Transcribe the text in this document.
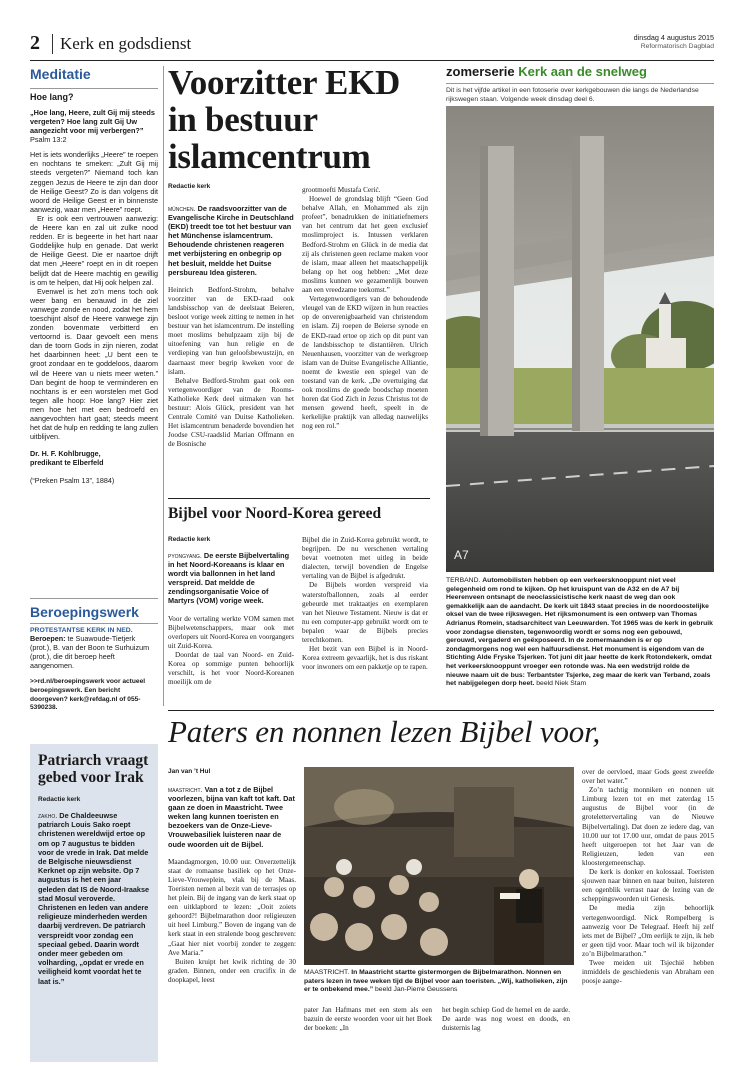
2 Kerk en godsdienst	dinsdag 4 augustus 2015
Reformatorisch Dagblad
Meditatie
Hoe lang?
„Hoe lang, Heere, zult Gij mij steeds vergeten? Hoe lang zult Gij Uw aangezicht voor mij verbergen?”
Psalm 13:2

Het is iets wonderlijks „Heere” te roepen en nochtans te smeken: „Zult Gij mij steeds vergeten?” Niemand toch kan zeggen Jezus de Heere te zijn dan door de Heilige Geest? Zo is dan volgens dit woord de Heilige Geest er in binnenste aanwezig, waar men „Heere” roept.

Er is ook een vertrouwen aanwezig: de Heere kan en zal uit zulke nood redden. Er is begeerte in het hart naar Goddelijke hulp en genade. Dat werkt de Heilige Geest. Die er naartoe drijft dat men „Heere” roept en in dit roepen belijdt dat de Heere machtig en gewillig is om te helpen, dat Hij ook helpen zal.

Evenwel is het zo’n mens toch ook weer bang en benauwd in de ziel vanwege zonde en nood, zodat het hem toeschijnt alsof de Heere vanwege zijn zonden bovenmate verbitterd en vertoornd is. Daar gevoelt een mens dan de toorn Gods in zijn nieren, zodat het daarbinnen heet: „U bent een te groot zondaar en te goddeloos, daarom wil de Heere van u niets meer weten.” Dan begint de hoop te verminderen en nochtans is er een worstelen met God tegen alle hoop: Hoe lang? Hier ziet men hoe het met een bedroefd en aangevochten hart gaat; steeds meent het dat de hulp en redding te lang zullen uitblijven.

Dr. H. F. Kohlbrugge,
predikant te Elberfeld
(“Preken Psalm 13”, 1884)
Beroepingswerk
PROTESTANTSE KERK IN NED.
Beroepen: te Suawoude-Tietjerk (prot.), B. van der Boon te Surhuizum (prot.), die dit beroep heeft aangenomen.
>>rd.nl/beroepingswerk voor actueel beroepingswerk. Een bericht doorgeven? kerk@refdag.nl of 055-5390238.
Patriarch vraagt gebed voor Irak
Redactie kerk
zakho. De Chaldeeuwse patriarch Louis Sako roept christenen wereldwijd ertoe op om op 7 augustus te bidden voor de vrede in Irak. Dat melde de Belgische nieuwsdienst Kerknet op zijn website. Op 7 augustus is het een jaar geleden dat IS de Noord-Iraakse stad Mosul veroverde. Christenen en leden van andere religieuze minderheden werden daarbij verdreven. De patriarch verspreidt voor zondag een speciaal gebed. Daarin wordt onder meer gebeden om volharding, „opdat er vrede en veiligheid komt voordat het te laat is.”
Voorzitter EKD in bestuur islamcentrum
Redactie kerk
münchen. De raadsvoorzitter van de Evangelische Kirche in Deutschland (EKD) treedt toe tot het bestuur van het Münchense islamcentrum. Behoudende christenen reageren met verbijstering en onbegrip op het besluit, meldde het Duitse persbureau Idea gisteren.

Heinrich Bedford-Strohm, behalve voorzitter van de EKD-raad ook landsbisschop van de deelstaat Beieren, besloot vorige week zitting te nemen in het bestuur van het islamcentrum. De instelling moet moslims behulpzaam zijn bij de uitoefening van hun religie en de verdieping van hun geloofsbewustzijn, en daarnaast meer begrip kweken voor de islam.

Behalve Bedford-Strohm gaat ook een vertegenwoordiger van de Rooms-Katholieke Kerk deel uitmaken van het bestuur: Alois Glück, president van het Centrale Comité van Duitse Katholieken. Het islamcentrum benaderde bovendien het Joodse CSU-raadslid Marian Offmann en de Bosnische

grootmoefti Mustafa Cerić.

Hoewel de grondslag blijft “Geen God behalve Allah, en Mohammed als zijn profeet”, benadrukken de initiatiefnemers van het centrum dat het geen exclusief moslimproject is. Intussen verklaren Bedford-Strohm en Glück in de media dat zij als christenen geen reclame maken voor de islam, maar alleen het maatschappelijk belang op het oog hebben: „Met deze moslims kunnen we gezamenlijk bouwen aan een vreedzame toekomst.”

Vertegenwoordigers van de behoudende vleugel van de EKD wijzen in hun reacties op de onverenigbaarheid van christendom en islam. Zij roepen de Beierse synode en de EKD-raad ertoe op zich op dit punt van de landsbisschop te distantiëren. Ulrich Neuenhausen, voorzitter van de werkgroep islam van de Duitse Evangelische Alliantie, noemt de kwestie een spiegel van de toestand van de kerk. „De overtuiging dat ook moslims de goede boodschap moeten horen dat God Zich in Jezus Christus tot de mensen gewend heeft, speelt in de kerkelijke praktijk van alledag nauwelijks nog een rol.”

Bijbel voor Noord-Korea gereed
Redactie kerk
pyongyang. De eerste Bijbelvertaling in het Noord-Koreaans is klaar en wordt via ballonnen in het land verspreid. Dat meldde de zendingsorganisatie Voice of Martyrs (VOM) vorige week.

Voor de vertaling werkte VOM samen met Bijbelwetenschappers, maar ook met overlopers uit Noord-Korea en voorgangers uit Zuid-Korea.

Doordat de taal van Noord- en Zuid-Korea op sommige punten behoorlijk verschilt, is het voor Noord-Koreanen moeilijk om de

Bijbel die in Zuid-Korea gebruikt wordt, te begrijpen. De nu verschenen vertaling bevat voetnoten met uitleg in beide dialecten, terwijl bovendien de Engelse vertaling van de Bijbel is afgedrukt.

De Bijbels worden verspreid via waterstofballonnen, zoals al eerder gebeurde met traktaatjes en exemplaren van het Nieuwe Testament. Nieuw is dat er nu een computer-app gebruikt wordt om te bepalen waar de Bijbels precies terechtkomen.

Het bezit van een Bijbel is in Noord-Korea extreem gevaarlijk, het is dus riskant voor inwoners om een pakketje op te rapen.

zomerserie Kerk aan de snelweg
Dit is het vijfde artikel in een fotoserie over kerkgebouwen die langs de Nederlandse rijkswegen staan. Volgende week dinsdag deel 6.
A7
TERBAND. Automobilisten hebben op een verkeersknooppunt niet veel gelegenheid om rond te kijken. Op het kruispunt van de A32 en de A7 bij Heerenveen ontsnapt de neoclassicistische kerk naast de weg dan ook gemakkelijk aan de aandacht. De kerk uit 1843 staat precies in de noordoostelijke oksel van de twee rijkswegen. Het rijksmonument is een ontwerp van Thomas Adrianus Romein, stadsarchitect van Leeuwarden. Tot 1965 was de kerk in gebruik voor zondagse diensten, tegenwoordig wordt er soms nog een gebouwd, gerouwd, vergaderd en geëxposeerd. In de zomermaanden is er op zondagmorgens nog wel een halfuursdienst. Het monument is eigendom van de Stichting Alde Fryske Tsjerken. Tot juni dit jaar heette de kerk Rotondekerk, omdat het verkeersknooppunt vroeger een rotonde was. Na een wedstrijd rolde de nieuwe naam uit de bus: Terbantster Tsjerke, zeg maar de kerk van Terband, zoals het nabijgelegen dorp heet. beeld Niek Stam
Paters en nonnen lezen Bijbel voor,
Jan van ’t Hul
maastricht. Van a tot z de Bijbel voorlezen, bijna van kaft tot kaft. Dat gaan ze doen in Maastricht. Twee weken lang kunnen toeristen en bezoekers van de Onze-Lieve-Vrouwebasiliek luisteren naar de oude woorden uit de Bijbel.

Maandagmorgen, 10.00 uur. Onverzettelijk staat de romaanse basiliek op het Onze-Lieve-Vrouweplein, vlak bij de Maas. Toeristen nemen al bezit van de terrasjes op het plein. Bij de ingang van de kerk staat op een uitklapbord te lezen: „Ooit zoiets gehoord?! Bijbelmarathon door religieuzen uit heel Limburg.” Boven de ingang van de kerk staat in een stralende boog geschreven: „Gaat hier niet voorbij zonder te zeggen: Ave Maria.”

Buiten kruipt het kwik richting de 30 graden. Binnen, onder een crucifix in de doopkapel, leest

MAASTRICHT. In Maastricht startte gistermorgen de Bijbelmarathon. Nonnen en paters lezen in twee weken tijd de Bijbel voor aan toeristen. „Wij, katholieken, zijn er te onbekend mee.” beeld Jan-Pierre Geussens

pater Jan Hafmans met een stem als een bazuin de eerste woorden voor uit het Boek der boeken: „In

het begin schiep God de hemel en de aarde. De aarde was nog woest en doods, en duisternis lag

over de oervloed, maar Gods geest zweefde over het water.”

Zo’n tachtig monniken en nonnen uit Limburg lezen tot en met zaterdag 15 augustus de Bijbel voor (in de grotelettervertaling van de Nieuwe Bijbelvertaling). Dat doen ze iedere dag, van 10.00 uur tot 17.00 uur, omdat de paus 2015 heeft uitgeroepen tot het Jaar van de Religieuzen, leden van een kloostergemeenschap.

De kerk is donker en kolossaal. Toeristen sjouwen naar binnen en naar buiten, luisteren een ogenblik verrast naar de lezing van de scheppingswoorden uit Genesis.

De media zijn behoorlijk vertegenwoordigd. Nick Rompelberg is aanwezig voor De Telegraaf. Heeft hij zelf iets met de Bijbel? „Om eerlijk te zijn, ik heb er geen tijd voor. Maar toch wil ik bijzonder zo’n Bijbelmarathon.”

Twee meiden uit Tsjechië hebben inmiddels de geschiedenis van Abraham een poosje aange-
